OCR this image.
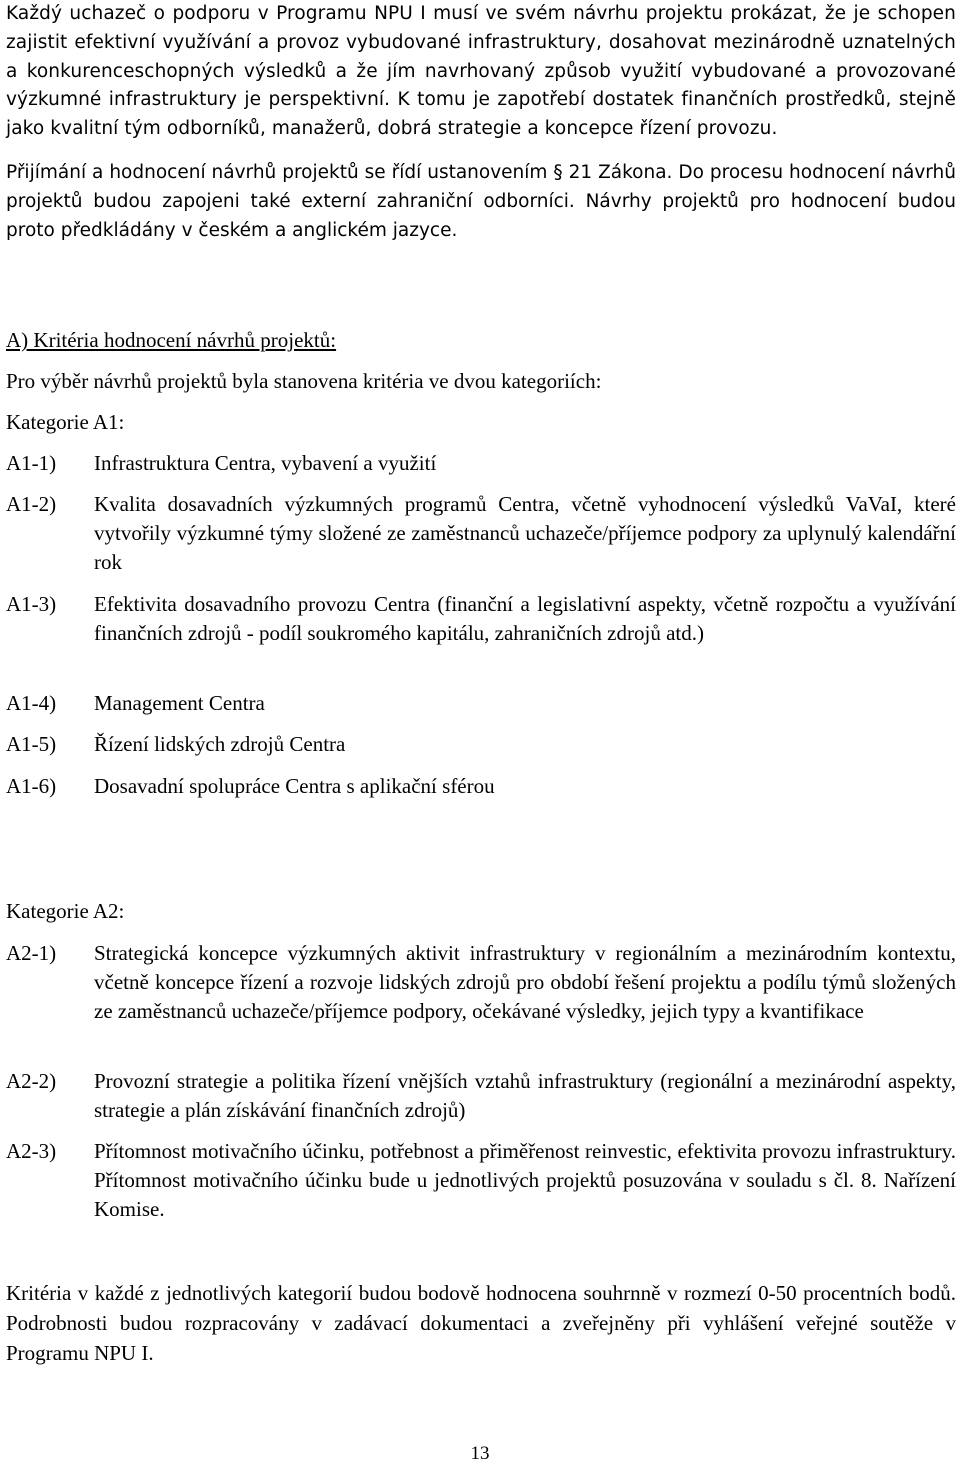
Každý uchazeč o podporu v Programu NPU I musí ve svém návrhu projektu prokázat, že je schopen zajistit efektivní využívání a provoz vybudované infrastruktury, dosahovat mezinárodně uznatelných a konkurenceschopných výsledků a že jím navrhovaný způsob využití vybudované a provozované výzkumné infrastruktury je perspektivní. K tomu je zapotřebí dostatek finančních prostředků, stejně jako kvalitní tým odborníků, manažerů, dobrá strategie a koncepce řízení provozu.

Přijímání a hodnocení návrhů projektů se řídí ustanovením § 21 Zákona. Do procesu hodnocení návrhů projektů budou zapojeni také externí zahraniční odborníci. Návrhy projektů pro hodnocení budou proto předkládány v českém a anglickém jazyce.

A) Kritéria hodnocení návrhů projektů:

Pro výběr návrhů projektů byla stanovena kritéria ve dvou kategoriích:

Kategorie A1:

A1-1)	Infrastruktura Centra, vybavení a využití
A1-2)	Kvalita dosavadních výzkumných programů Centra, včetně vyhodnocení výsledků VaVaI, které vytvořily výzkumné týmy složené ze zaměstnanců uchazeče/příjemce podpory za uplynulý kalendářní rok
A1-3)	Efektivita dosavadního provozu Centra (finanční a legislativní aspekty, včetně rozpočtu a využívání finančních zdrojů - podíl soukromého kapitálu, zahraničních zdrojů atd.)
A1-4)	Management Centra
A1-5)	Řízení lidských zdrojů Centra
A1-6)	Dosavadní spolupráce Centra s aplikační sférou

Kategorie A2:

A2-1)	Strategická koncepce výzkumných aktivit infrastruktury v regionálním a mezinárodním kontextu, včetně koncepce řízení a rozvoje lidských zdrojů pro období řešení projektu a podílu týmů složených ze zaměstnanců uchazeče/příjemce podpory, očekávané výsledky, jejich typy a kvantifikace
A2-2)	Provozní strategie a politika řízení vnějších vztahů infrastruktury (regionální a mezinárodní aspekty, strategie a plán získávání finančních zdrojů)
A2-3)	Přítomnost motivačního účinku, potřebnost a přiměřenost reinvestic, efektivita provozu infrastruktury. Přítomnost motivačního účinku bude u jednotlivých projektů posuzována v souladu s čl. 8. Nařízení Komise.

Kritéria v každé z jednotlivých kategorií budou bodově hodnocena souhrnně v rozmezí 0-50 procentních bodů. Podrobnosti budou rozpracovány v zadávací dokumentaci a zveřejněny při vyhlášení veřejné soutěže v Programu NPU I.

13
